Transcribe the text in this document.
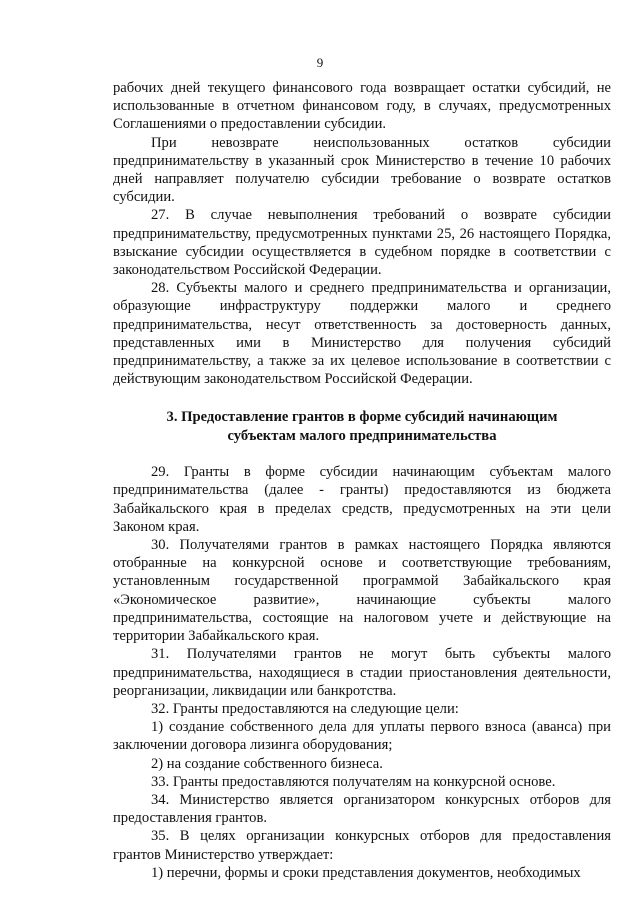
9

рабочих дней текущего финансового года возвращает остатки субсидий, не использованные в отчетном финансовом году, в случаях, предусмотренных Соглашениями о предоставлении субсидии.

При невозврате неиспользованных остатков субсидии предпринимательству в указанный срок Министерство в течение 10 рабочих дней направляет получателю субсидии требование о возврате остатков субсидии.

27. В случае невыполнения требований о возврате субсидии предпринимательству, предусмотренных пунктами 25, 26 настоящего Порядка, взыскание субсидии осуществляется в судебном порядке в соответствии с законодательством Российской Федерации.

28. Субъекты малого и среднего предпринимательства и организации, образующие инфраструктуру поддержки малого и среднего предпринимательства, несут ответственность за достоверность данных, представленных ими в Министерство для получения субсидий предпринимательству, а также за их целевое использование в соответствии с действующим законодательством Российской Федерации.

3. Предоставление грантов в форме субсидий начинающим
субъектам малого предпринимательства

29. Гранты в форме субсидии начинающим субъектам малого предпринимательства (далее - гранты) предоставляются из бюджета Забайкальского края в пределах средств, предусмотренных на эти цели Законом края.

30. Получателями грантов в рамках настоящего Порядка являются отобранные на конкурсной основе и соответствующие требованиям, установленным государственной программой Забайкальского края «Экономическое развитие», начинающие субъекты малого предпринимательства, состоящие на налоговом учете и действующие на территории Забайкальского края.

31. Получателями грантов не могут быть субъекты малого предпринимательства, находящиеся в стадии приостановления деятельности, реорганизации, ликвидации или банкротства.

32. Гранты предоставляются на следующие цели:

1) создание собственного дела для уплаты первого взноса (аванса) при заключении договора лизинга оборудования;

2) на создание собственного бизнеса.

33. Гранты предоставляются получателям на конкурсной основе.

34. Министерство является организатором конкурсных отборов для предоставления грантов.

35. В целях организации конкурсных отборов для предоставления грантов Министерство утверждает:

1) перечни, формы и сроки представления документов, необходимых
